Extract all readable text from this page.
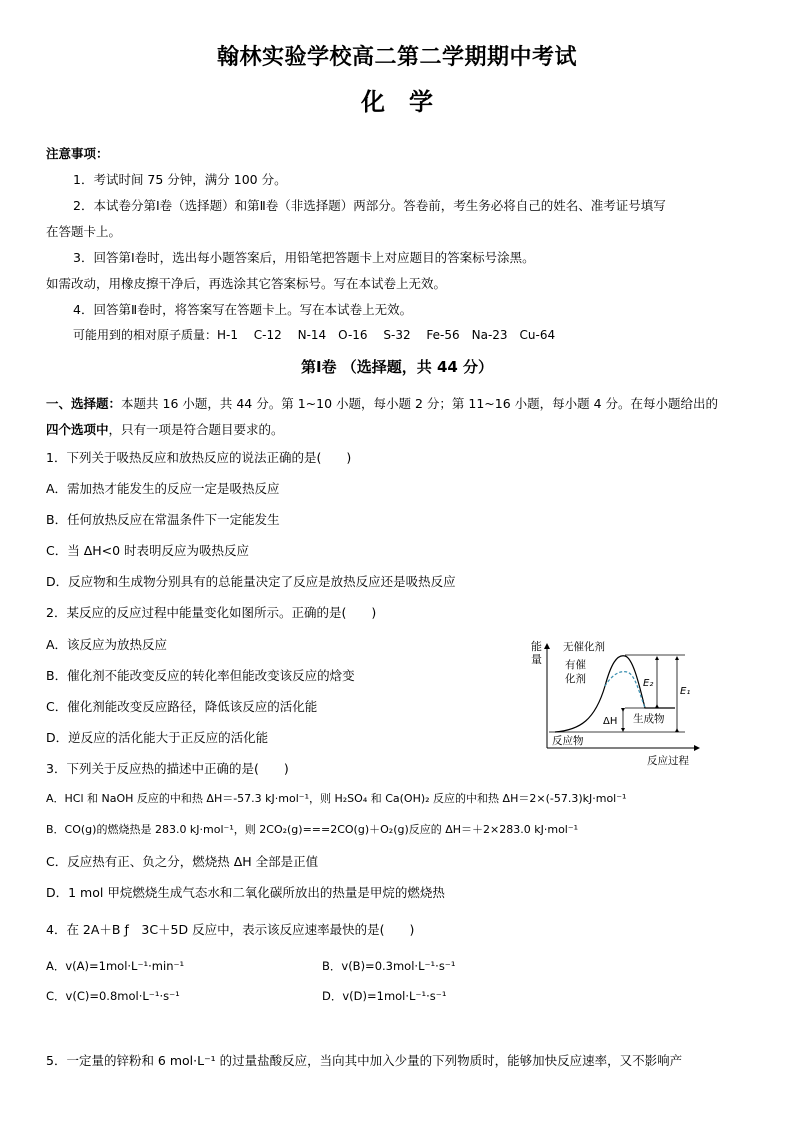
翰林实验学校高二第二学期期中考试
化　学
注意事项：
1．考试时间 75 分钟，满分 100 分。
2．本试卷分第Ⅰ卷（选择题）和第Ⅱ卷（非选择题）两部分。答卷前，考生务必将自己的姓名、准考证号填写
在答题卡上。
3．回答第Ⅰ卷时，选出每小题答案后，用铅笔把答题卡上对应题目的答案标号涂黑。
如需改动，用橡皮擦干净后，再选涂其它答案标号。写在本试卷上无效。
4．回答第Ⅱ卷时，将答案写在答题卡上。写在本试卷上无效。
可能用到的相对原子质量：H-1　 C-12　 N-14　O-16　 S-32　 Fe-56　Na-23　Cu-64
第Ⅰ卷 （选择题，共 44 分）
一、选择题：本题共 16 小题，共 44 分。第 1~10 小题，每小题 2 分；第 11~16 小题，每小题 4 分。在每小题给出的
四个选项中，只有一项是符合题目要求的。
1．下列关于吸热反应和放热反应的说法正确的是(　　)
A．需加热才能发生的反应一定是吸热反应
B．任何放热反应在常温条件下一定能发生
C．当 ΔH<0 时表明反应为吸热反应
D．反应物和生成物分别具有的总能量决定了反应是放热反应还是吸热反应
2．某反应的反应过程中能量变化如图所示。正确的是(　　)
A．该反应为放热反应
B．催化剂不能改变反应的转化率但能改变该反应的焓变
C．催化剂能改变反应路径，降低该反应的活化能
D．逆反应的活化能大于正反应的活化能
能
量
无催化剂
有催
化剂	E₂
E₁
ΔH 生成物
反应物
反应过程
3．下列关于反应热的描述中正确的是(　　)
A．HCl 和 NaOH 反应的中和热 ΔH＝-57.3 kJ·mol⁻¹，则 H₂SO₄ 和 Ca(OH)₂ 反应的中和热 ΔH＝2×(-57.3)kJ·mol⁻¹
B．CO(g)的燃烧热是 283.0 kJ·mol⁻¹，则 2CO₂(g)===2CO(g)＋O₂(g)反应的 ΔH＝＋2×283.0 kJ·mol⁻¹
C．反应热有正、负之分，燃烧热 ΔH 全部是正值
D．1 mol 甲烷燃烧生成气态水和二氧化碳所放出的热量是甲烷的燃烧热
4．在 2A＋B ƒ　3C＋5D 反应中，表示该反应速率最快的是(　　)
A．v(A)=1mol·L⁻¹·min⁻¹	B．v(B)=0.3mol·L⁻¹·s⁻¹
C．v(C)=0.8mol·L⁻¹·s⁻¹	D．v(D)=1mol·L⁻¹·s⁻¹
5．一定量的锌粉和 6 mol·L⁻¹ 的过量盐酸反应，当向其中加入少量的下列物质时，能够加快反应速率，又不影响产
